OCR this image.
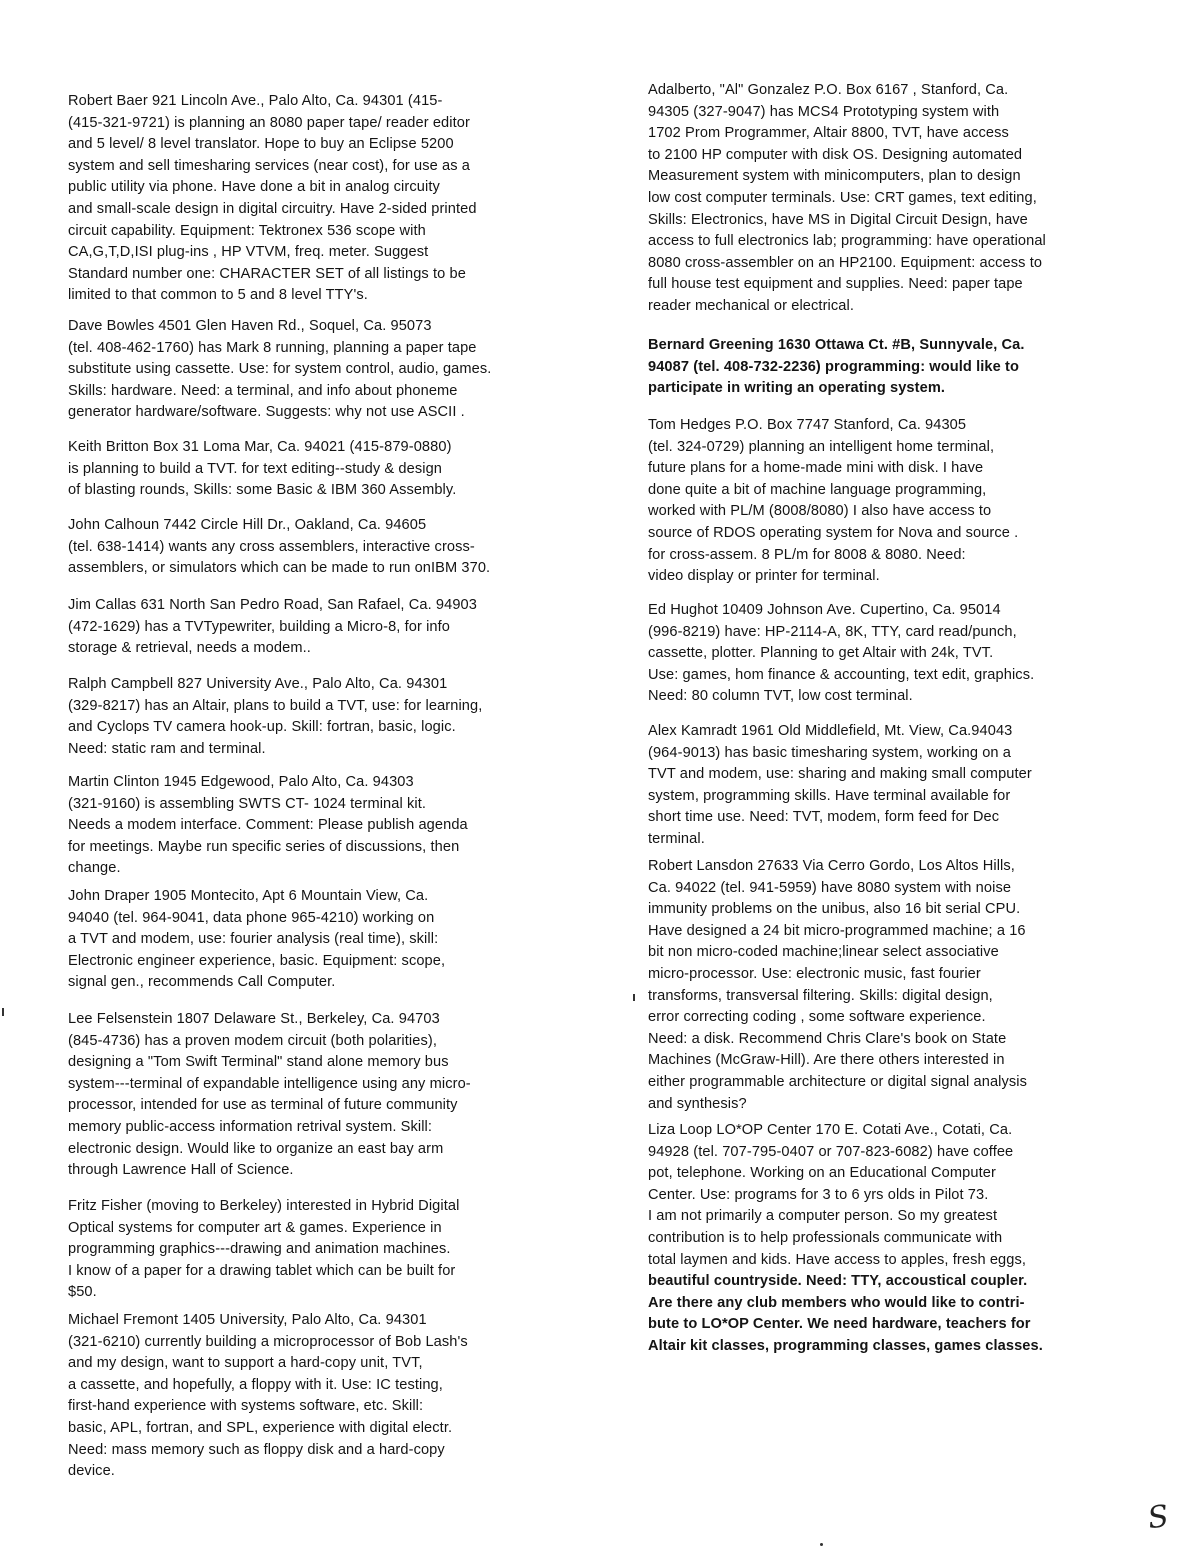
Robert Baer 921 Lincoln Ave., Palo Alto, Ca. 94301 (415-
(415-321-9721) is planning an 8080 paper tape/ reader editor
and 5 level/ 8 level translator. Hope to buy an Eclipse 5200
system and sell timesharing services (near cost), for use as a
public utility via phone. Have done a bit in analog circuity
and small-scale design in digital circuitry. Have 2-sided printed
circuit capability. Equipment: Tektronex 536 scope with
CA,G,T,D,ISI plug-ins , HP VTVM, freq. meter. Suggest
Standard number one: CHARACTER SET of all listings to be
limited to that common to 5 and 8 level TTY's.

Dave Bowles 4501 Glen Haven Rd., Soquel, Ca. 95073
(tel. 408-462-1760) has Mark 8 running, planning a paper tape
substitute using cassette. Use: for system control, audio, games.
Skills: hardware. Need: a terminal, and info about phoneme
generator hardware/software. Suggests: why not use ASCII .

Keith Britton Box 31 Loma Mar, Ca. 94021 (415-879-0880)
is planning to build a TVT. for text editing--study & design
of blasting rounds, Skills: some Basic & IBM 360 Assembly.

John Calhoun 7442 Circle Hill Dr., Oakland, Ca. 94605
(tel. 638-1414) wants any cross assemblers, interactive cross-
assemblers, or simulators which can be made to run onIBM 370.

Jim Callas 631 North San Pedro Road, San Rafael, Ca. 94903
(472-1629) has a TVTypewriter, building a Micro-8, for info
storage & retrieval, needs a modem..

Ralph Campbell 827 University Ave., Palo Alto, Ca. 94301
(329-8217) has an Altair, plans to build a TVT, use: for learning,
and Cyclops TV camera hook-up. Skill: fortran, basic, logic.
Need: static ram and terminal.

Martin Clinton 1945 Edgewood, Palo Alto, Ca. 94303
(321-9160) is assembling SWTS CT- 1024 terminal kit.
Needs a modem interface. Comment: Please publish agenda
for meetings. Maybe run specific series of discussions, then
change.

John Draper 1905 Montecito, Apt 6 Mountain View, Ca.
94040 (tel. 964-9041, data phone 965-4210) working on
a TVT and modem, use: fourier analysis (real time), skill:
Electronic engineer experience, basic. Equipment: scope,
signal gen., recommends Call Computer.

Lee Felsenstein 1807 Delaware St., Berkeley, Ca. 94703
(845-4736) has a proven modem circuit (both polarities),
designing a "Tom Swift Terminal" stand alone memory bus
system---terminal of expandable intelligence using any micro-
processor, intended for use as terminal of future community
memory public-access information retrival system. Skill:
electronic design. Would like to organize an east bay arm
through Lawrence Hall of Science.

Fritz Fisher (moving to Berkeley) interested in Hybrid Digital
Optical systems for computer art & games. Experience in
programming graphics---drawing and animation machines.
I know of a paper for a drawing tablet which can be built for
$50.

Michael Fremont 1405 University, Palo Alto, Ca. 94301
(321-6210) currently building a microprocessor of Bob Lash's
and my design, want to support a hard-copy unit, TVT,
a cassette, and hopefully, a floppy with it. Use: IC testing,
first-hand experience with systems software, etc. Skill:
basic, APL, fortran, and SPL, experience with digital electr.
Need: mass memory such as floppy disk and a hard-copy
device.

Adalberto, "Al" Gonzalez P.O. Box 6167 , Stanford, Ca.
94305 (327-9047) has MCS4 Prototyping system with
1702 Prom Programmer, Altair 8800, TVT, have access
to 2100 HP computer with disk OS. Designing automated
Measurement system with minicomputers, plan to design
low cost computer terminals. Use: CRT games, text editing,
Skills: Electronics, have MS in Digital Circuit Design, have
access to full electronics lab; programming: have operational
8080 cross-assembler on an HP2100. Equipment: access to
full house test equipment and supplies. Need: paper tape
reader mechanical or electrical.

Bernard Greening 1630 Ottawa Ct. #B, Sunnyvale, Ca.
94087 (tel. 408-732-2236) programming: would like to
participate in writing an operating system.

Tom Hedges P.O. Box 7747 Stanford, Ca. 94305
(tel. 324-0729) planning an intelligent home terminal,
future plans for a home-made mini with disk. I have
done quite a bit of machine language programming,
worked with PL/M (8008/8080) I also have access to
source of RDOS operating system for Nova and source .
for cross-assem. 8 PL/m for 8008 & 8080. Need:
video display or printer for terminal.

Ed Hughot 10409 Johnson Ave. Cupertino, Ca. 95014
(996-8219) have: HP-2114-A, 8K, TTY, card read/punch,
cassette, plotter. Planning to get Altair with 24k, TVT.
Use: games, hom finance & accounting, text edit, graphics.
Need: 80 column TVT, low cost terminal.

Alex Kamradt 1961 Old Middlefield, Mt. View, Ca.94043
(964-9013) has basic timesharing system, working on a
TVT and modem, use: sharing and making small computer
system, programming skills. Have terminal available for
short time use. Need: TVT, modem, form feed for Dec
terminal.

Robert Lansdon 27633 Via Cerro Gordo, Los Altos Hills,
Ca. 94022 (tel. 941-5959) have 8080 system with noise
immunity problems on the unibus, also 16 bit serial CPU.
Have designed a 24 bit micro-programmed machine; a 16
bit non micro-coded machine;linear select associative
micro-processor. Use: electronic music, fast fourier
transforms, transversal filtering. Skills: digital design,
error correcting coding , some software experience.
Need: a disk. Recommend Chris Clare's book on State
Machines (McGraw-Hill). Are there others interested in
either programmable architecture or digital signal analysis
and synthesis?

Liza Loop LO*OP Center 170 E. Cotati Ave., Cotati, Ca.
94928 (tel. 707-795-0407 or 707-823-6082) have coffee
pot, telephone. Working on an Educational Computer
Center. Use: programs for 3 to 6 yrs olds in Pilot 73.
I am not primarily a computer person. So my greatest
contribution is to help professionals communicate with
total laymen and kids. Have access to apples, fresh eggs,
beautiful countryside. Need: TTY, accoustical coupler.
Are there any club members who would like to contri-
bute to LO*OP Center. We need hardware, teachers for
Altair kit classes, programming classes, games classes.

S
